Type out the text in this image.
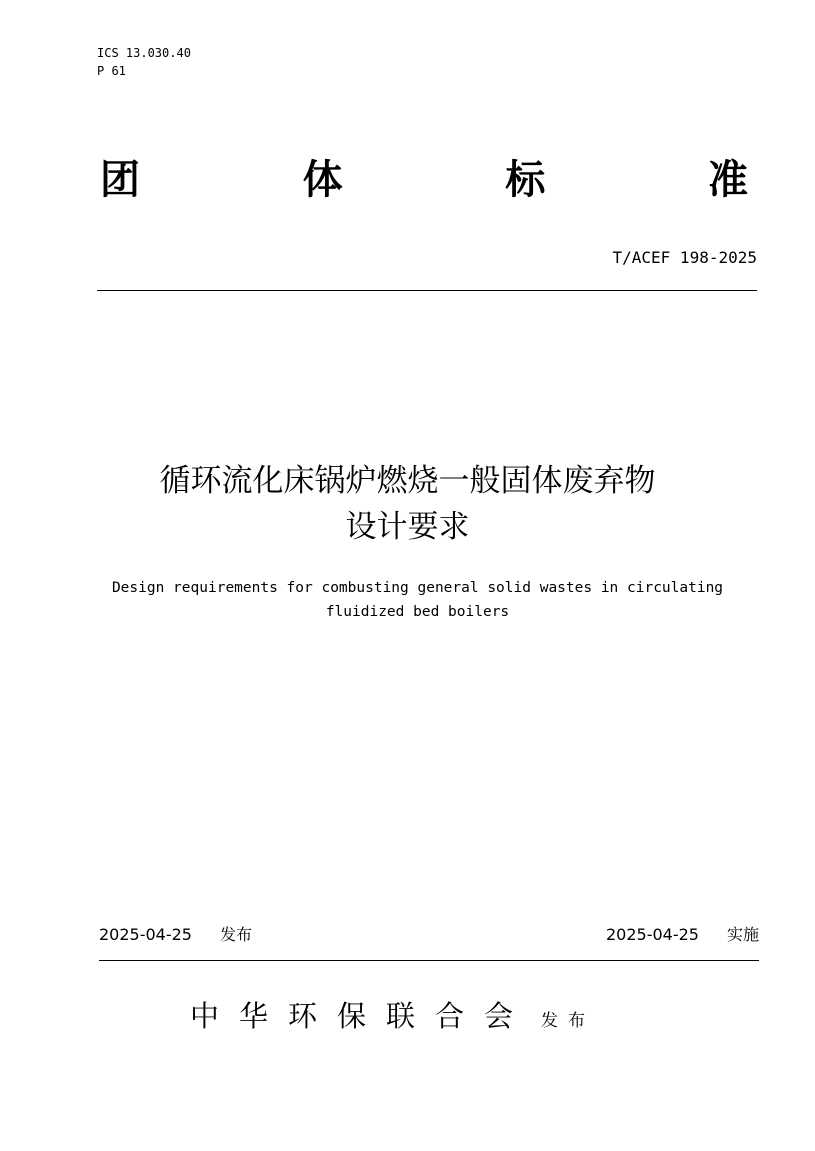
ICS 13.030.40
P 61
团	体	标	准
T/ACEF 198-2025
循环流化床锅炉燃烧一般固体废弃物
设计要求
Design requirements for combusting general solid wastes in circulating
fluidized bed boilers
2025-04-25 发布	2025-04-25 实施
中华环保联合会 发布
